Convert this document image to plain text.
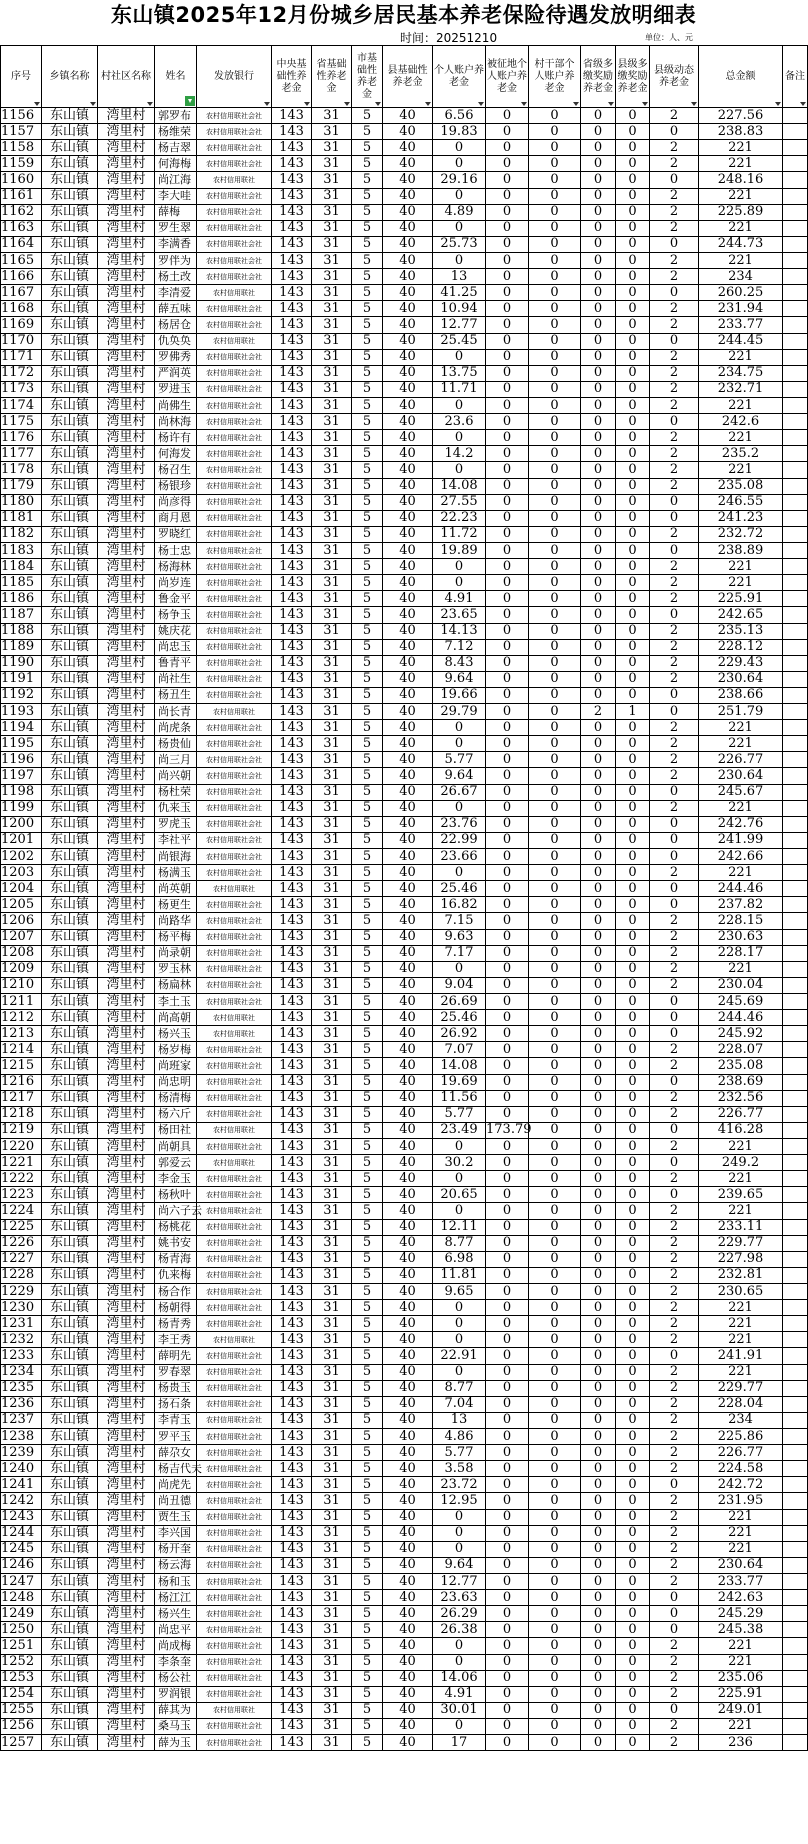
东山镇2025年12月份城乡居民基本养老保险待遇发放明细表
时间：20251210	单位：人、元
序号	乡镇名称	村社区名称	姓名	发放银行	中央基础性养老金	省基础性养老金	市基础性养老金	县基础性养老金	个人账户养老金	被征地个人账户养老金	村干部个人账户养老金	省级多缴奖励养老金	县级多缴奖励养老金	县级动态养老金	总金额	备注

1156	东山镇	湾里村	郭罗布	农村信用联社会社	143	31	5	40	6.56	0	0	0	0	2	227.56	
1157	东山镇	湾里村	杨维荣	农村信用联社会社	143	31	5	40	19.83	0	0	0	0	0	238.83	
1158	东山镇	湾里村	杨吉翠	农村信用联社会社	143	31	5	40	0	0	0	0	0	2	221	
1159	东山镇	湾里村	何海梅	农村信用联社会社	143	31	5	40	0	0	0	0	0	2	221	
1160	东山镇	湾里村	尚江海	农村信用联社	143	31	5	40	29.16	0	0	0	0	0	248.16	
1161	东山镇	湾里村	李大哇	农村信用联社会社	143	31	5	40	0	0	0	0	0	2	221	
1162	东山镇	湾里村	薛梅	农村信用联社会社	143	31	5	40	4.89	0	0	0	0	2	225.89	
1163	东山镇	湾里村	罗生翠	农村信用联社会社	143	31	5	40	0	0	0	0	0	2	221	
1164	东山镇	湾里村	李满香	农村信用联社会社	143	31	5	40	25.73	0	0	0	0	0	244.73	
1165	东山镇	湾里村	罗伴为	农村信用联社会社	143	31	5	40	0	0	0	0	0	2	221	
1166	东山镇	湾里村	杨土改	农村信用联社会社	143	31	5	40	13	0	0	0	0	2	234	
1167	东山镇	湾里村	李清爱	农村信用联社	143	31	5	40	41.25	0	0	0	0	0	260.25	
1168	东山镇	湾里村	薛五味	农村信用联社会社	143	31	5	40	10.94	0	0	0	0	2	231.94	
1169	东山镇	湾里村	杨居仓	农村信用联社会社	143	31	5	40	12.77	0	0	0	0	2	233.77	
1170	东山镇	湾里村	仇奂奂	农村信用联社	143	31	5	40	25.45	0	0	0	0	0	244.45	
1171	东山镇	湾里村	罗佛秀	农村信用联社会社	143	31	5	40	0	0	0	0	0	2	221	
1172	东山镇	湾里村	严润英	农村信用联社会社	143	31	5	40	13.75	0	0	0	0	2	234.75	
1173	东山镇	湾里村	罗进玉	农村信用联社会社	143	31	5	40	11.71	0	0	0	0	2	232.71	
1174	东山镇	湾里村	尚佛生	农村信用联社会社	143	31	5	40	0	0	0	0	0	2	221	
1175	东山镇	湾里村	尚林海	农村信用联社会社	143	31	5	40	23.6	0	0	0	0	0	242.6	
1176	东山镇	湾里村	杨许有	农村信用联社会社	143	31	5	40	0	0	0	0	0	2	221	
1177	东山镇	湾里村	何海发	农村信用联社会社	143	31	5	40	14.2	0	0	0	0	2	235.2	
1178	东山镇	湾里村	杨召生	农村信用联社会社	143	31	5	40	0	0	0	0	0	2	221	
1179	东山镇	湾里村	杨银珍	农村信用联社会社	143	31	5	40	14.08	0	0	0	0	2	235.08	
1180	东山镇	湾里村	尚彦得	农村信用联社会社	143	31	5	40	27.55	0	0	0	0	0	246.55	
1181	东山镇	湾里村	商月恩	农村信用联社会社	143	31	5	40	22.23	0	0	0	0	0	241.23	
1182	东山镇	湾里村	罗晓红	农村信用联社会社	143	31	5	40	11.72	0	0	0	0	2	232.72	
1183	东山镇	湾里村	杨士忠	农村信用联社会社	143	31	5	40	19.89	0	0	0	0	0	238.89	
1184	东山镇	湾里村	杨海林	农村信用联社会社	143	31	5	40	0	0	0	0	0	2	221	
1185	东山镇	湾里村	尚岁连	农村信用联社会社	143	31	5	40	0	0	0	0	0	2	221	
1186	东山镇	湾里村	鲁金平	农村信用联社会社	143	31	5	40	4.91	0	0	0	0	2	225.91	
1187	东山镇	湾里村	杨争玉	农村信用联社会社	143	31	5	40	23.65	0	0	0	0	0	242.65	
1188	东山镇	湾里村	姚庆花	农村信用联社会社	143	31	5	40	14.13	0	0	0	0	2	235.13	
1189	东山镇	湾里村	尚忠玉	农村信用联社会社	143	31	5	40	7.12	0	0	0	0	2	228.12	
1190	东山镇	湾里村	鲁青平	农村信用联社会社	143	31	5	40	8.43	0	0	0	0	2	229.43	
1191	东山镇	湾里村	尚社生	农村信用联社会社	143	31	5	40	9.64	0	0	0	0	2	230.64	
1192	东山镇	湾里村	杨丑生	农村信用联社会社	143	31	5	40	19.66	0	0	0	0	0	238.66	
1193	东山镇	湾里村	尚长青	农村信用联社	143	31	5	40	29.79	0	0	2	1	0	251.79	
1194	东山镇	湾里村	尚虎条	农村信用联社会社	143	31	5	40	0	0	0	0	0	2	221	
1195	东山镇	湾里村	杨贵仙	农村信用联社会社	143	31	5	40	0	0	0	0	0	2	221	
1196	东山镇	湾里村	尚三月	农村信用联社会社	143	31	5	40	5.77	0	0	0	0	2	226.77	
1197	东山镇	湾里村	尚兴朝	农村信用联社会社	143	31	5	40	9.64	0	0	0	0	2	230.64	
1198	东山镇	湾里村	杨杜荣	农村信用联社会社	143	31	5	40	26.67	0	0	0	0	0	245.67	
1199	东山镇	湾里村	仇来玉	农村信用联社会社	143	31	5	40	0	0	0	0	0	2	221	
1200	东山镇	湾里村	罗虎玉	农村信用联社会社	143	31	5	40	23.76	0	0	0	0	0	242.76	
1201	东山镇	湾里村	李社平	农村信用联社会社	143	31	5	40	22.99	0	0	0	0	0	241.99	
1202	东山镇	湾里村	尚银海	农村信用联社会社	143	31	5	40	23.66	0	0	0	0	0	242.66	
1203	东山镇	湾里村	杨满玉	农村信用联社会社	143	31	5	40	0	0	0	0	0	2	221	
1204	东山镇	湾里村	尚英朝	农村信用联社	143	31	5	40	25.46	0	0	0	0	0	244.46	
1205	东山镇	湾里村	杨更生	农村信用联社会社	143	31	5	40	16.82	0	0	0	0	0	237.82	
1206	东山镇	湾里村	尚路华	农村信用联社会社	143	31	5	40	7.15	0	0	0	0	2	228.15	
1207	东山镇	湾里村	杨平梅	农村信用联社会社	143	31	5	40	9.63	0	0	0	0	2	230.63	
1208	东山镇	湾里村	尚录朝	农村信用联社会社	143	31	5	40	7.17	0	0	0	0	2	228.17	
1209	东山镇	湾里村	罗玉林	农村信用联社会社	143	31	5	40	0	0	0	0	0	2	221	
1210	东山镇	湾里村	杨扁林	农村信用联社会社	143	31	5	40	9.04	0	0	0	0	2	230.04	
1211	东山镇	湾里村	李土玉	农村信用联社会社	143	31	5	40	26.69	0	0	0	0	0	245.69	
1212	东山镇	湾里村	尚高朝	农村信用联社	143	31	5	40	25.46	0	0	0	0	0	244.46	
1213	东山镇	湾里村	杨兴玉	农村信用联社	143	31	5	40	26.92	0	0	0	0	0	245.92	
1214	东山镇	湾里村	杨岁梅	农村信用联社会社	143	31	5	40	7.07	0	0	0	0	2	228.07	
1215	东山镇	湾里村	尚班家	农村信用联社会社	143	31	5	40	14.08	0	0	0	0	2	235.08	
1216	东山镇	湾里村	尚忠明	农村信用联社会社	143	31	5	40	19.69	0	0	0	0	0	238.69	
1217	东山镇	湾里村	杨清梅	农村信用联社会社	143	31	5	40	11.56	0	0	0	0	2	232.56	
1218	东山镇	湾里村	杨六斤	农村信用联社会社	143	31	5	40	5.77	0	0	0	0	2	226.77	
1219	东山镇	湾里村	杨田社	农村信用联社	143	31	5	40	23.49	173.79	0	0	0	0	416.28	
1220	东山镇	湾里村	尚朝具	农村信用联社会社	143	31	5	40	0	0	0	0	0	2	221	
1221	东山镇	湾里村	郭爱云	农村信用联社	143	31	5	40	30.2	0	0	0	0	0	249.2	
1222	东山镇	湾里村	李金玉	农村信用联社会社	143	31	5	40	0	0	0	0	0	2	221	
1223	东山镇	湾里村	杨秋叶	农村信用联社会社	143	31	5	40	20.65	0	0	0	0	0	239.65	
1224	东山镇	湾里村	尚六子云	农村信用联社会社	143	31	5	40	0	0	0	0	0	2	221	
1225	东山镇	湾里村	杨桃花	农村信用联社会社	143	31	5	40	12.11	0	0	0	0	2	233.11	
1226	东山镇	湾里村	姚书安	农村信用联社会社	143	31	5	40	8.77	0	0	0	0	2	229.77	
1227	东山镇	湾里村	杨青海	农村信用联社会社	143	31	5	40	6.98	0	0	0	0	2	227.98	
1228	东山镇	湾里村	仇来梅	农村信用联社会社	143	31	5	40	11.81	0	0	0	0	2	232.81	
1229	东山镇	湾里村	杨合作	农村信用联社会社	143	31	5	40	9.65	0	0	0	0	2	230.65	
1230	东山镇	湾里村	杨朝得	农村信用联社会社	143	31	5	40	0	0	0	0	0	2	221	
1231	东山镇	湾里村	杨青秀	农村信用联社会社	143	31	5	40	0	0	0	0	0	2	221	
1232	东山镇	湾里村	李王秀	农村信用联社	143	31	5	40	0	0	0	0	0	2	221	
1233	东山镇	湾里村	薛明先	农村信用联社会社	143	31	5	40	22.91	0	0	0	0	0	241.91	
1234	东山镇	湾里村	罗春翠	农村信用联社会社	143	31	5	40	0	0	0	0	0	2	221	
1235	东山镇	湾里村	杨贵玉	农村信用联社会社	143	31	5	40	8.77	0	0	0	0	2	229.77	
1236	东山镇	湾里村	扬石条	农村信用联社会社	143	31	5	40	7.04	0	0	0	0	2	228.04	
1237	东山镇	湾里村	李青玉	农村信用联社会社	143	31	5	40	13	0	0	0	0	2	234	
1238	东山镇	湾里村	罗平玉	农村信用联社会社	143	31	5	40	4.86	0	0	0	0	2	225.86	
1239	东山镇	湾里村	薛尕女	农村信用联社会社	143	31	5	40	5.77	0	0	0	0	2	226.77	
1240	东山镇	湾里村	杨吉代夫	农村信用联社会社	143	31	5	40	3.58	0	0	0	0	2	224.58	
1241	东山镇	湾里村	尚虎先	农村信用联社会社	143	31	5	40	23.72	0	0	0	0	0	242.72	
1242	东山镇	湾里村	尚丑德	农村信用联社会社	143	31	5	40	12.95	0	0	0	0	2	231.95	
1243	东山镇	湾里村	贾生玉	农村信用联社会社	143	31	5	40	0	0	0	0	0	2	221	
1244	东山镇	湾里村	李兴国	农村信用联社会社	143	31	5	40	0	0	0	0	0	2	221	
1245	东山镇	湾里村	杨开奎	农村信用联社会社	143	31	5	40	0	0	0	0	0	2	221	
1246	东山镇	湾里村	杨云海	农村信用联社会社	143	31	5	40	9.64	0	0	0	0	2	230.64	
1247	东山镇	湾里村	杨和玉	农村信用联社会社	143	31	5	40	12.77	0	0	0	0	2	233.77	
1248	东山镇	湾里村	杨江江	农村信用联社会社	143	31	5	40	23.63	0	0	0	0	0	242.63	
1249	东山镇	湾里村	杨兴生	农村信用联社会社	143	31	5	40	26.29	0	0	0	0	0	245.29	
1250	东山镇	湾里村	尚忠平	农村信用联社会社	143	31	5	40	26.38	0	0	0	0	0	245.38	
1251	东山镇	湾里村	尚成梅	农村信用联社会社	143	31	5	40	0	0	0	0	0	2	221	
1252	东山镇	湾里村	李条奎	农村信用联社会社	143	31	5	40	0	0	0	0	0	2	221	
1253	东山镇	湾里村	杨公社	农村信用联社会社	143	31	5	40	14.06	0	0	0	0	2	235.06	
1254	东山镇	湾里村	罗润银	农村信用联社会社	143	31	5	40	4.91	0	0	0	0	2	225.91	
1255	东山镇	湾里村	薛其为	农村信用联社	143	31	5	40	30.01	0	0	0	0	0	249.01	
1256	东山镇	湾里村	桑马玉	农村信用联社会社	143	31	5	40	0	0	0	0	0	2	221	
1257	东山镇	湾里村	薛为玉	农村信用联社会社	143	31	5	40	17	0	0	0	0	2	236	
